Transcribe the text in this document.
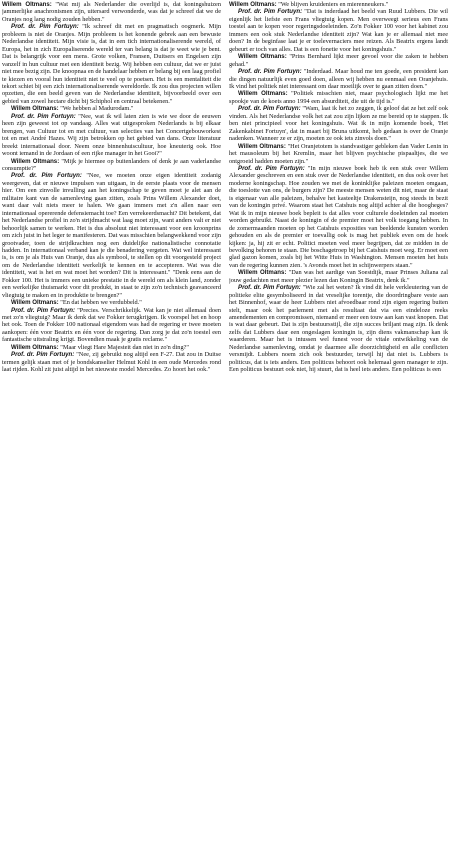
Willem Oltmans: "Wat mij als Nederlander die overlijd is, dat koningshuizen jammerlijke anachronismen zijn, uitersard verwonderde, was dat je schreef dat we de Oranjes nog lang nodig zouden hebben."

Prof. dr. Pim Fortuyn: "Ik schreef dit met en pragmatisch oogmerk. Mijn probleem is niet de Oranjes. Mijn probleem is het konende gebrek aan een bewuste Nederlandse identiteit. Mijn visie is, dat in een tich internationaliserende wereld, of Europa, het in zich Europaliserende wereld ter van belang is dat je weet wie je bent. Dat is belangrijk voor een mens. Grote volken, Fransen, Duitsers en Engelsen zijn vanzelf in hun cultuur met een identiteit bezig. Wij hebben een cultuur, dat we er juist niet mee bezig zijn. De knoopnaa en de handelaar hebben er belang bij een laag profiel te kiezen en vooral hun identiteit niet te veel op te poetsen. Het is een mentaliteit die tekort schiet bij een zich internationaliserende wereldorde. Ik zou dus projecten willen opzetten, die een beeld geven van de Nederlandse identiteit, bijvoorbeeld over een gebied van zowel hectare dicht bij Schiphol en centraal betekenen."

Willem Oltmans: "We hebben al Madurodam."

Prof. dr. Pim Fortuyn: "Nee, wat ik wil laten zien is wie we door de eeuwen heen zijn geweest tot op vandaag. Alles wat uitgesproken Nederlands is bij elkaar brengen, van Cultuur tot en met cultuur, van selecties van het Concertgebouworkest tot en met André Hazes. Wij zijn betrokken op het gebied van dans. Onze literatuur breekt internationaal door. Neem onze binnenhuiscultuur, hoe kneuterig ook. Hoe woont iemand in de Jordaan of een rijke manager in het Gooi?"

Willem Oltmans: "Mijk je hiermee op buitenlanders of denk je aan vaderlandse consumptie?"

Prof. dr. Pim Fortuyn: "Nee, we moeten onze eigen identiteit zodanig weergeven, dat er nieuwe impulsen van uitgaan, in de eerste plaats voor de mensen hier. Om een zinvolle invulling aan het koningschap te geven moet je alet aan de militaire kant van de samenleving gaan zitten, zoals Prins Willem Alexander doet, want daar valt niets meer te halen. We gaan immers met z'n allen naar een internationaal opererende defensiemacht toe? Een verrekeerdsmacht? Dit betekent, dat het Nederlandse profiel in zo'n strijdmacht wat laag moet zijn, want anders valt er niet behoorlijk samen te werken. Het is dus absoluut niet interessant voor een kroonprins om zich juist in het leger te manifesteren. Dat was misschien belangwekkend voor zijn grootvader, toen de strijdkrachten nog een duidelijke nationalistische connotatie hadden. In internationaal verband kan je die benadering vergeten. Wat wel interessant is, is om je als Huis van Oranje, dus als symbool, te stellen op dit voorgesteld project om de Nederlandse identiteit werkelijk te kennen en te accepteren. Wat was die identiteit, wat is het en wat moet het worden? Dit is interessant." "Denk eens aan de Fokker 100. Het is immers een unieke prestatie in de wereld om als klein land, zonder een werkelijke thuismarkt voor dit produkt, in staat te zijn zo'n technisch geavanceerd vliegtuig te maken en in produktie te brengen?"

Willem Oltmans: "En dat hebben we verdubbeld."

Prof. dr. Pim Fortuyn: "Precies. Verschrikkelijk. Wat kan je niet allemaal doen met zo'n vliegtuig? Maar ik denk dat we Fokker terugkrijgen. Ik voorspel het en hoop het ook. Toen de Fokker 100 nationaal eigendom was had de regering er twee moeten aankopen: één voor Beatrix en één voor de regering. Dan zorg je dat zo'n toestel een fantastische uitstraling krijgt. Bovendien maak je gratis reclame."

Willem Oltmans: "Maar vliegt Hare Majesteit dan niet in zo'n ding?"

Prof. dr. Pim Fortuyn: "Nee, zij gebruikt nog altijd een F-27. Dat zou in Duitse termen gelijk staan met of je bondskanselier Helmut Kohl in een oude Mercedes rond laat rijden. Kohl zit juist altijd in het nieuwste model Mercedes. Zo hoort het ook."

Willem Oltmans: "We blijven kruideniers en mierenneukers."

Prof. dr. Pim Fortuyn: "Dat is inderdaad het beeld van Ruud Lubbers. Die wil eigenlijk het liefste een Frans vliegtuig kopen. Men overweegt serieus een Frans toestel aan te kopen voor regeringsdoeleinden. Zo'n Fokker 100 voor het kabinet zou immers een ook stuk Nederlandse identiteit zijn? Wat kan je er allemaal niet mee doen? In de beginfase laat je er toelevernaciers mee reizen. Als Beatrix ergens landt gebeurt er toch van alles. Dat is een fonetie voor het koningshuis."

Willem Oltmans: "Prins Bernhard lijkt meer gevoel voor die zaken te hebben gehad."

Prof. dr. Pim Fortuyn: "Inderdaad. Maar houd me ten goede, een president kan die dingen natuurlijk even goed doen, alleen wij hebben nu eenmaal een Oranjehuis. Ik vind het politiek niet interessant om daar moeilijk over te gaan zitten doen."

Willem Oltmans: "Politiek misschien niet, maar psychologisch lijkt me het spookje van de koets anno 1994 een absurditeit, die uit de tijd is."

Prof. dr. Pim Fortuyn: "Wam, laat ik het zo zeggen, ik geloof dat ze het zelf ook vinden. Als het Nederlandse volk het zat zou zijn lijken ze me bereid op te stappen. Ik ben niet principieel voor het koningshuis. Wat ik in mijn komende boek, 'Het Zakenkabinet Fortuyn', dat in maart bij Bruna uitkomt, heb gedaan is over de Oranje nadenken. Wanneer ze er zijn, moeten ze ook iets zinvols doen."

Willem Oltmans: "Het Oranjetotem is standvastiger gebleken dan Vader Lenin in het mausoleum bij het Kremlin, maar het blijven psychische pispaaltjes, die we ontgroeid hadden moeten zijn."

Prof. dr. Pim Fortuyn: "In mijn nieuwe boek heb ik een stuk over Willem Alexander geschreven en een stuk over de Nederlandse identiteit, en dus ook over het moderne koningschap. Hoe zouden we met de koninklijke paleizen moeten omgaan, die toeslotte van ons, de burgers zijn? De meeste mensen weten dit niet, maar de staat is eigenaar van alle paleizen, behalve het kasteeltje Drakensteijn, nog steeds in bezit van de koningin privé. Waarom staat het Catshuis nog altijd achter al die hoogheges? Wat ik in mijn nieuwe boek bepleit is dat alles voor culturele doeleinden zal moeten worden gebruikt. Naast de koningin of de premier moet het volk toegang hebben. In de zomermaanden moeten op het Catshuis exposities van beeldende kunsten worden gehouden en als de premier er toevallig ook is mag het publiek even om de hoek kijken: ja, hij zit er echt. Politici moeten veel meer begrijpen, dat ze midden in de bevolking behoren te staan. Die boschagetroep bij het Catshuis moet weg. Er moet een glad gazon komen, zoals bij het Witte Huis in Washington. Mensen moeten het huis van de regering kunnen zien. 's Avonds moet het in schijnwerpers staan."

Willem Oltmans: "Dan was het aardige van Soestdijk, maar Prinses Juliana zal jouw gedachten met meer plezier lezen dan Koningin Beatrix, denk ik."

Prof. dr. Pim Fortuyn: "Wie zal het weten? Ik vind dit hele verkleutering van de politieke elite gesymboliseerd in dat vreselijke torentje, die doordringbare veste aan het Binnenhof, waar de heer Lubbers niet afvoedbaar rond zijn eigen regering buiten stelt, maar ook het parlement met als resultaat dat via een eindeloze reeks amendementen en compromissen, niemand er meer een touw aan kan vast knopen. Dat is wat daar gebeurt. Dat is zijn bestuursstijl, die zijn succes briljant mag zijn. Ik denk zelfs dat Lubbers daar een ongeslagen koningin is, zijn diens vakmanschap kan ik waarderen. Maar het is intussen wel funest voor de vitale ontwikkeling van de Nederlandse samenleving, omdat je daarmee alle doorzichtigheid en alle conflicten versmijdt. Lubbers noem zich ook bestuurder, terwijl hij dat niet is. Lubbers is politicus, dat is iets anders. Een politicus behoort ook helemaal geen manager te zijn. Een politicus bestuurt ook niet, hij stuurt, dat is heel iets anders. Een politicus is een
